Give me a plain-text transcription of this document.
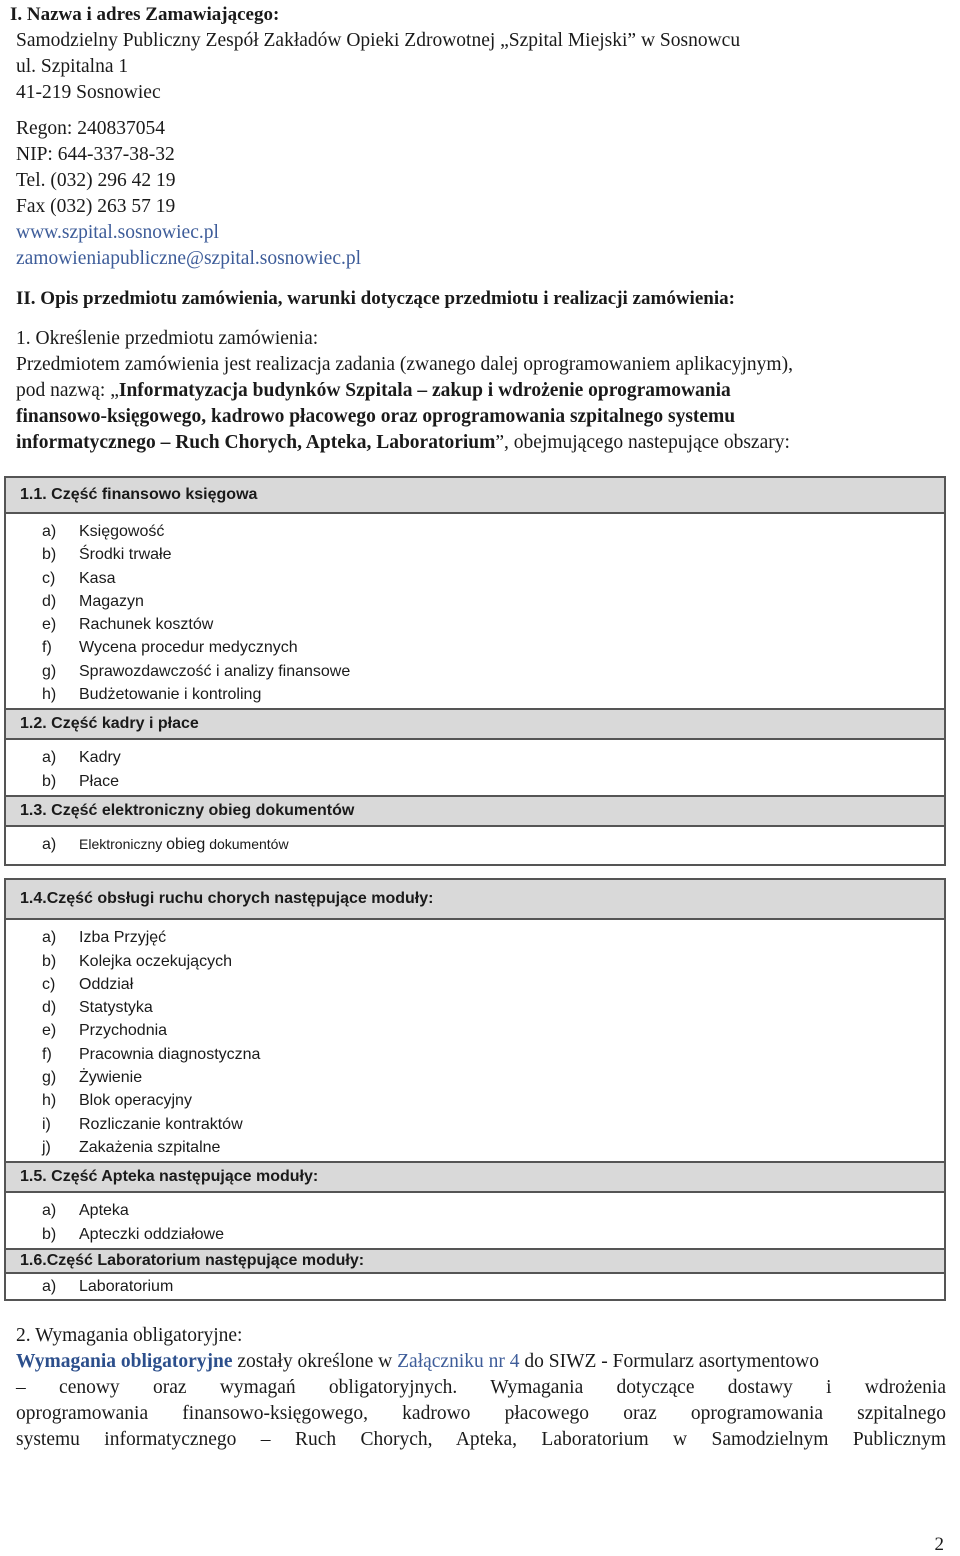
I. Nazwa i adres Zamawiającego:
Samodzielny Publiczny Zespół Zakładów Opieki Zdrowotnej „Szpital Miejski” w Sosnowcu
ul. Szpitalna 1
41-219 Sosnowiec
Regon: 240837054
NIP: 644-337-38-32
Tel. (032) 296 42 19
Fax (032) 263 57 19
www.szpital.sosnowiec.pl
zamowieniapubliczne@szpital.sosnowiec.pl
II. Opis przedmiotu zamówienia, warunki dotyczące przedmiotu i realizacji zamówienia:
1. Określenie przedmiotu zamówienia:
Przedmiotem zamówienia jest realizacja zadania (zwanego dalej oprogramowaniem aplikacyjnym),
pod nazwą: „Informatyzacja budynków Szpitala – zakup i wdrożenie oprogramowania
finansowo-księgowego, kadrowo płacowego oraz oprogramowania szpitalnego systemu
informatycznego – Ruch Chorych, Apteka, Laboratorium”, obejmującego nastepujące obszary:
1.1. Część finansowo księgowa

a) Księgowość
b) Środki trwałe
c) Kasa
d) Magazyn
e) Rachunek kosztów
f) Wycena procedur medycznych
g) Sprawozdawczość i analizy finansowe
h) Budżetowanie i kontroling

1.2. Część kadry i płace

a) Kadry
b) Płace

1.3. Część elektroniczny obieg dokumentów

a) Elektroniczny obieg dokumentów

1.4.Część obsługi ruchu chorych następujące moduły:

a) Izba Przyjęć
b) Kolejka oczekujących
c) Oddział
d) Statystyka
e) Przychodnia
f) Pracownia diagnostyczna
g) Żywienie
h) Blok operacyjny
i) Rozliczanie kontraktów
j) Zakażenia szpitalne

1.5. Część Apteka następujące moduły:

a) Apteka
b) Apteczki oddziałowe

1.6.Część Laboratorium następujące moduły:

a) Laboratorium
2. Wymagania obligatoryjne:
Wymagania obligatoryjne zostały określone w Załączniku nr 4 do SIWZ - Formularz asortymentowo
– cenowy oraz wymagań obligatoryjnych. Wymagania dotyczące dostawy i wdrożenia
oprogramowania finansowo-księgowego, kadrowo płacowego oraz oprogramowania szpitalnego
systemu informatycznego – Ruch Chorych, Apteka, Laboratorium w Samodzielnym Publicznym
2
